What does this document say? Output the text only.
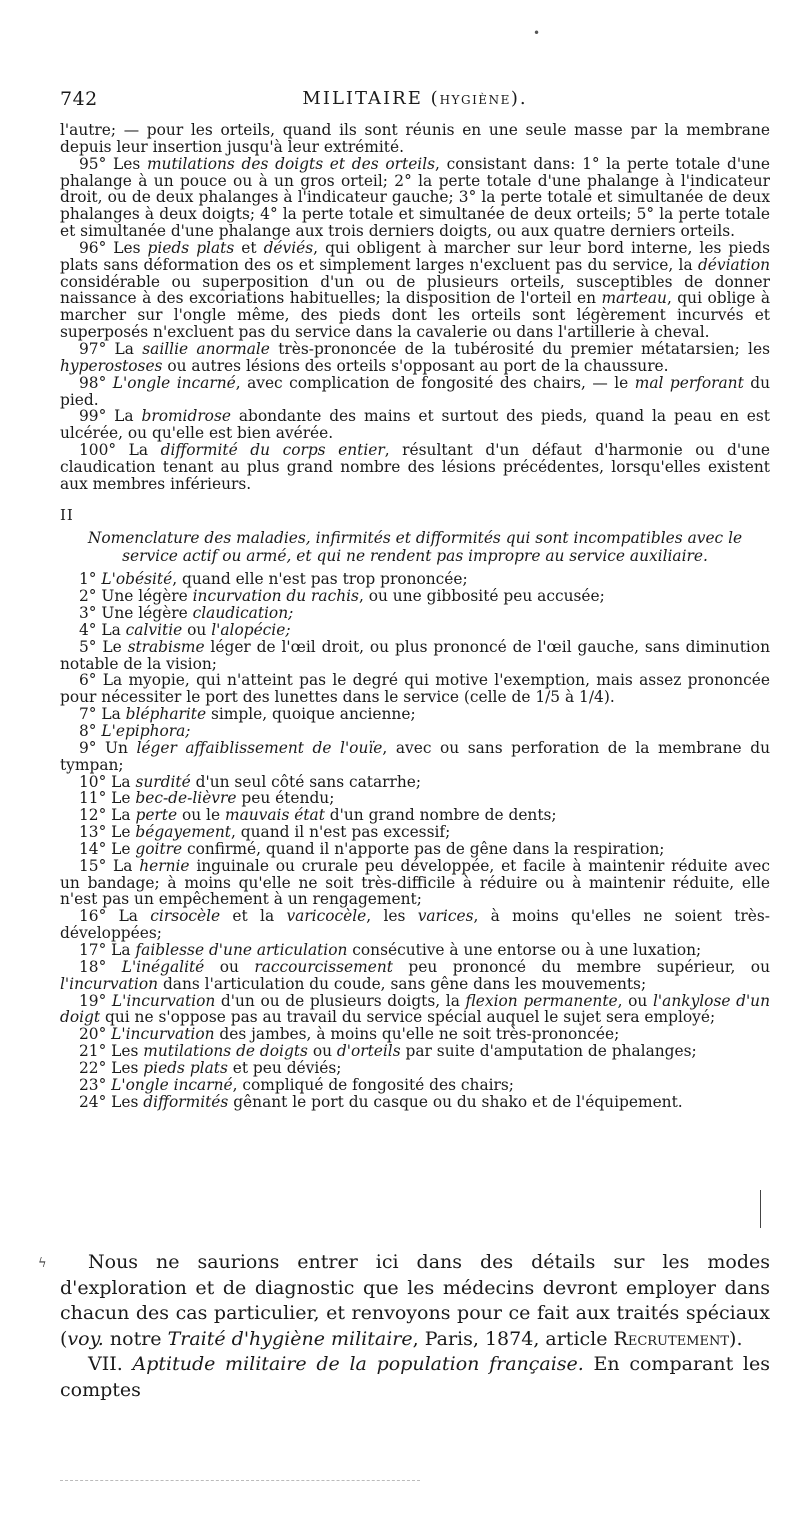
•
742	MILITAIRE (HYGIÈNE).

l'autre; — pour les orteils, quand ils sont réunis en une seule masse par la membrane depuis leur insertion jusqu'à leur extrémité.

95° Les mutilations des doigts et des orteils, consistant dans: 1° la perte totale d'une phalange à un pouce ou à un gros orteil; 2° la perte totale d'une phalange à l'indicateur droit, ou de deux phalanges à l'indicateur gauche; 3° la perte totale et simultanée de deux phalanges à deux doigts; 4° la perte totale et simultanée de deux orteils; 5° la perte totale et simultanée d'une phalange aux trois derniers doigts, ou aux quatre derniers orteils.

96° Les pieds plats et déviés, qui obligent à marcher sur leur bord interne, les pieds plats sans déformation des os et simplement larges n'excluent pas du service, la déviation considérable ou superposition d'un ou de plusieurs orteils, susceptibles de donner naissance à des excoriations habituelles; la disposition de l'orteil en marteau, qui oblige à marcher sur l'ongle même, des pieds dont les orteils sont légèrement incurvés et superposés n'excluent pas du service dans la cavalerie ou dans l'artillerie à cheval.

97° La saillie anormale très-prononcée de la tubérosité du premier métatarsien; les hyperostoses ou autres lésions des orteils s'opposant au port de la chaussure.

98° L'ongle incarné, avec complication de fongosité des chairs, — le mal perforant du pied.

99° La bromidrose abondante des mains et surtout des pieds, quand la peau en est ulcérée, ou qu'elle est bien avérée.

100° La difformité du corps entier, résultant d'un défaut d'harmonie ou d'une claudication tenant au plus grand nombre des lésions précédentes, lorsqu'elles existent aux membres inférieurs.

II

Nomenclature des maladies, infirmités et difformités qui sont incompatibles avec le service actif ou armé, et qui ne rendent pas impropre au service auxiliaire.

1° L'obésité, quand elle n'est pas trop prononcée;

2° Une légère incurvation du rachis, ou une gibbosité peu accusée;

3° Une légère claudication;

4° La calvitie ou l'alopécie;

5° Le strabisme léger de l'œil droit, ou plus prononcé de l'œil gauche, sans diminution notable de la vision;

6° La myopie, qui n'atteint pas le degré qui motive l'exemption, mais assez prononcée pour nécessiter le port des lunettes dans le service (celle de 1/5 à 1/4).

7° La blépharite simple, quoique ancienne;

8° L'epiphora;

9° Un léger affaiblissement de l'ouïe, avec ou sans perforation de la membrane du tympan;

10° La surdité d'un seul côté sans catarrhe;

11° Le bec-de-lièvre peu étendu;

12° La perte ou le mauvais état d'un grand nombre de dents;

13° Le bégayement, quand il n'est pas excessif;

14° Le goitre confirmé, quand il n'apporte pas de gêne dans la respiration;

15° La hernie inguinale ou crurale peu développée, et facile à maintenir réduite avec un bandage; à moins qu'elle ne soit très-difficile à réduire ou à maintenir réduite, elle n'est pas un empêchement à un rengagement;

16° La cirsocèle et la varicocèle, les varices, à moins qu'elles ne soient très-développées;

17° La faiblesse d'une articulation consécutive à une entorse ou à une luxation;

18° L'inégalité ou raccourcissement peu prononcé du membre supérieur, ou l'incurvation dans l'articulation du coude, sans gêne dans les mouvements;

19° L'incurvation d'un ou de plusieurs doigts, la flexion permanente, ou l'ankylose d'un doigt qui ne s'oppose pas au travail du service spécial auquel le sujet sera employé;

20° L'incurvation des jambes, à moins qu'elle ne soit très-prononcée;

21° Les mutilations de doigts ou d'orteils par suite d'amputation de phalanges;

22° Les pieds plats et peu déviés;

23° L'ongle incarné, compliqué de fongosité des chairs;

24° Les difformités gênant le port du casque ou du shako et de l'équipement.

ϟ	Nous ne saurions entrer ici dans des détails sur les modes d'exploration et de diagnostic que les médecins devront employer dans chacun des cas particulier, et renvoyons pour ce fait aux traités spéciaux (voy. notre Traité d'hygiène militaire, Paris, 1874, article Recrutement).

VII. Aptitude militaire de la population française. En comparant les comptes
